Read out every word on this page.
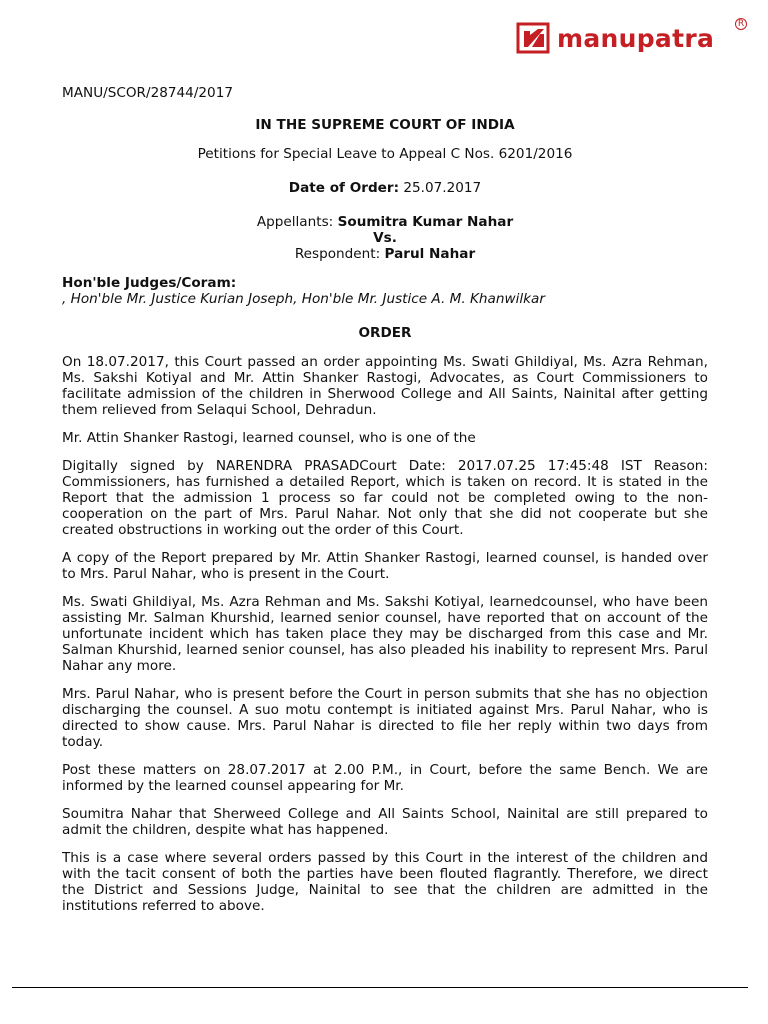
manupatra	R
MANU/SCOR/28744/2017
IN THE SUPREME COURT OF INDIA
Petitions for Special Leave to Appeal C Nos. 6201/2016
Date of Order: 25.07.2017
Appellants: Soumitra Kumar Nahar
Vs.
Respondent: Parul Nahar
Hon'ble Judges/Coram:
, Hon'ble Mr. Justice Kurian Joseph, Hon'ble Mr. Justice A. M. Khanwilkar
ORDER

On 18.07.2017, this Court passed an order appointing Ms. Swati Ghildiyal, Ms. Azra Rehman, Ms. Sakshi Kotiyal and Mr. Attin Shanker Rastogi, Advocates, as Court Commissioners to facilitate admission of the children in Sherwood College and All Saints, Nainital after getting them relieved from Selaqui School, Dehradun.

Mr. Attin Shanker Rastogi, learned counsel, who is one of the

Digitally signed by NARENDRA PRASADCourt Date: 2017.07.25 17:45:48 IST Reason: Commissioners, has furnished a detailed Report, which is taken on record. It is stated in the Report that the admission 1 process so far could not be completed owing to the non-cooperation on the part of Mrs. Parul Nahar. Not only that she did not cooperate but she created obstructions in working out the order of this Court.

A copy of the Report prepared by Mr. Attin Shanker Rastogi, learned counsel, is handed over to Mrs. Parul Nahar, who is present in the Court.

Ms. Swati Ghildiyal, Ms. Azra Rehman and Ms. Sakshi Kotiyal, learnedcounsel, who have been assisting Mr. Salman Khurshid, learned senior counsel, have reported that on account of the unfortunate incident which has taken place they may be discharged from this case and Mr. Salman Khurshid, learned senior counsel, has also pleaded his inability to represent Mrs. Parul Nahar any more.

Mrs. Parul Nahar, who is present before the Court in person submits that she has no objection discharging the counsel. A suo motu contempt is initiated against Mrs. Parul Nahar, who is directed to show cause. Mrs. Parul Nahar is directed to file her reply within two days from today.

Post these matters on 28.07.2017 at 2.00 P.M., in Court, before the same Bench. We are informed by the learned counsel appearing for Mr.

Soumitra Nahar that Sherweed College and All Saints School, Nainital are still prepared to admit the children, despite what has happened.

This is a case where several orders passed by this Court in the interest of the children and with the tacit consent of both the parties have been flouted flagrantly. Therefore, we direct the District and Sessions Judge, Nainital to see that the children are admitted in the institutions referred to above.
